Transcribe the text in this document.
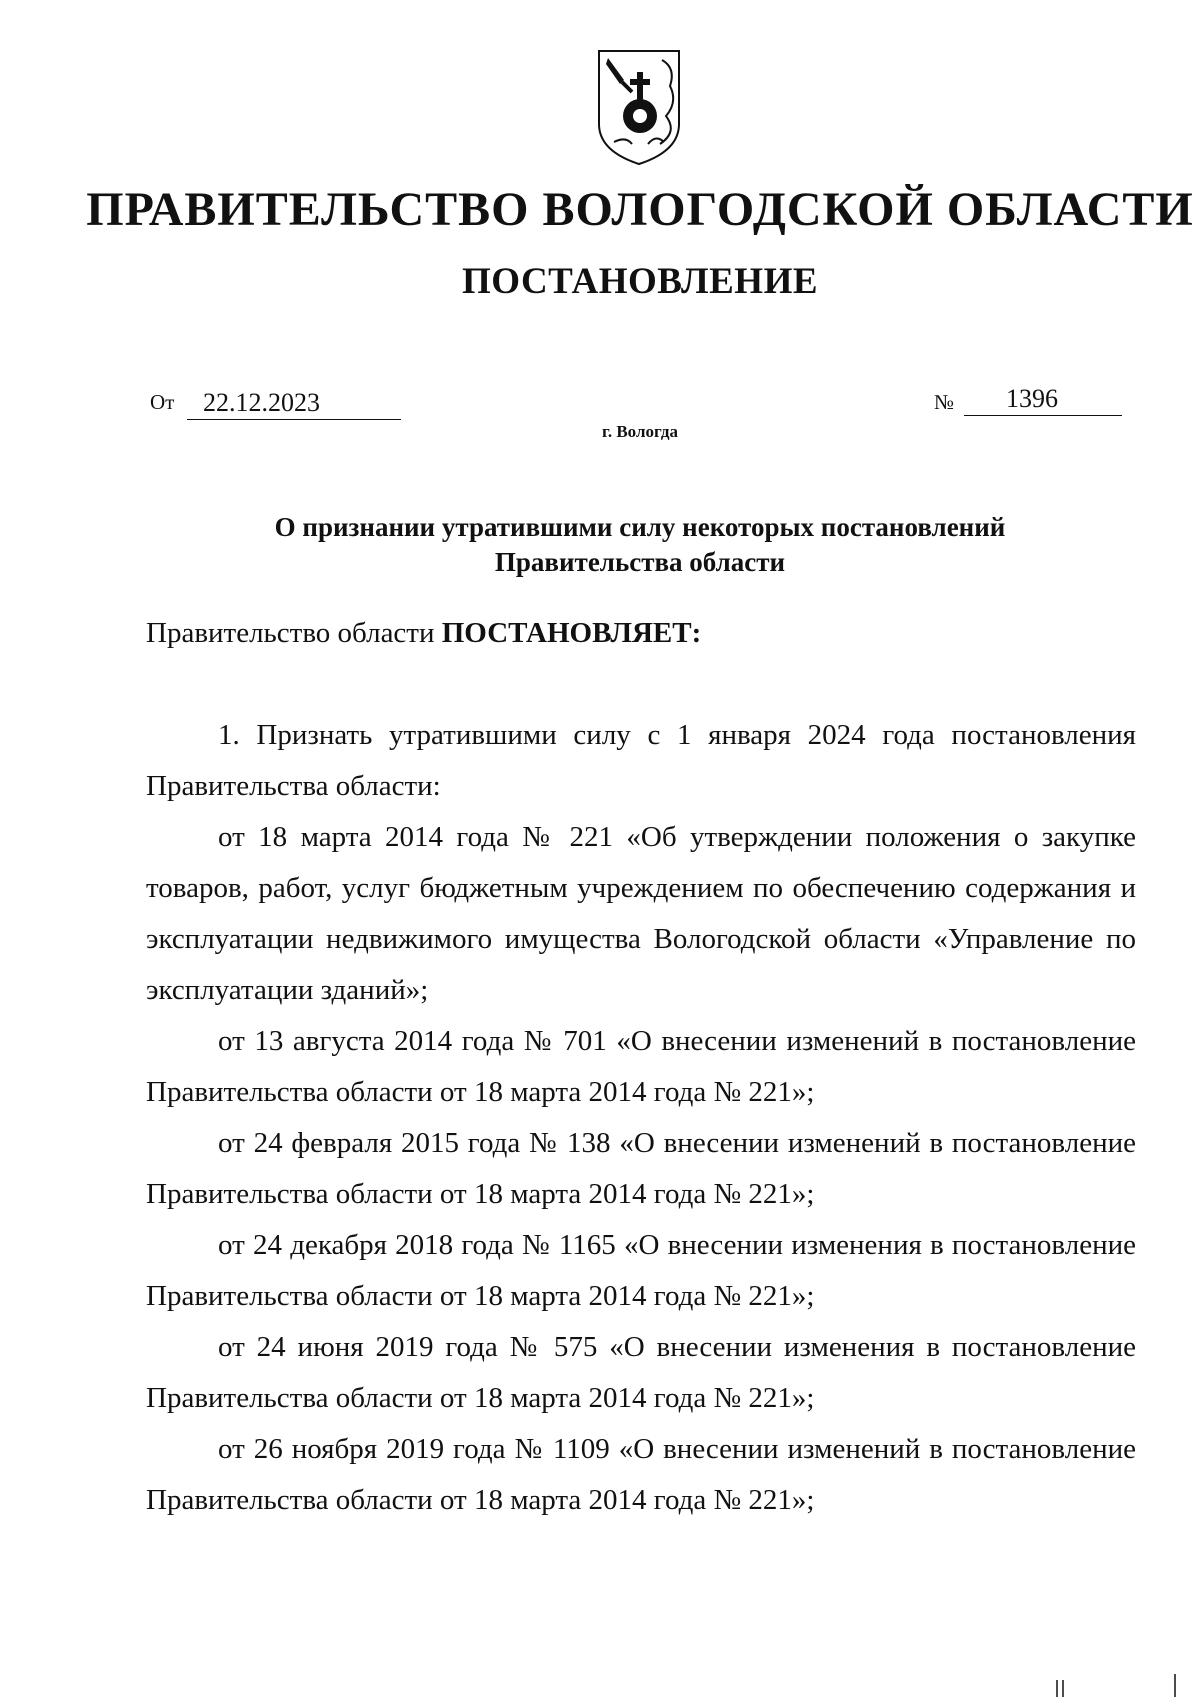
ПРАВИТЕЛЬСТВО ВОЛОГОДСКОЙ ОБЛАСТИ
ПОСТАНОВЛЕНИЕ
От	22.12.2023	№	1396
г. Вологда
О признании утратившими силу некоторых постановлений
Правительства области
Правительство области ПОСТАНОВЛЯЕТ:

1. Признать утратившими силу с 1 января 2024 года постановления Правительства области:

от 18 марта 2014 года № 221 «Об утверждении положения о закупке товаров, работ, услуг бюджетным учреждением по обеспечению содержания и эксплуатации недвижимого имущества Вологодской области «Управление по эксплуатации зданий»;

от 13 августа 2014 года № 701 «О внесении изменений в постановление Правительства области от 18 марта 2014 года № 221»;

от 24 февраля 2015 года № 138 «О внесении изменений в постановление Правительства области от 18 марта 2014 года № 221»;

от 24 декабря 2018 года № 1165 «О внесении изменения в постановление Правительства области от 18 марта 2014 года № 221»;

от 24 июня 2019 года № 575 «О внесении изменения в постановление Правительства области от 18 марта 2014 года № 221»;

от 26 ноября 2019 года № 1109 «О внесении изменений в постановление Правительства области от 18 марта 2014 года № 221»;
